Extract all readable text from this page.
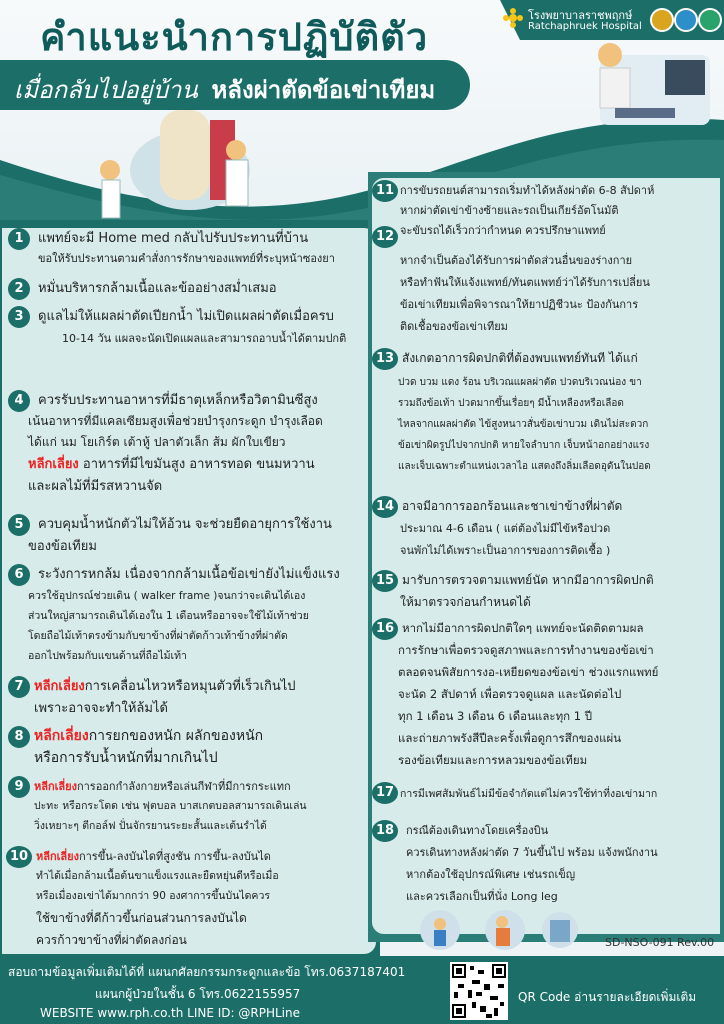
คำแนะนำการปฏิบัติตัว
เมื่อกลับไปอยู่บ้าน หลังผ่าตัดข้อเข่าเทียม
โรงพยาบาลราชพฤกษ์
Ratchaphruek Hospital
1	แพทย์จะมี Home med กลับไปรับประทานที่บ้าน
ขอให้รับประทานตามคำสั่งการรักษาของแพทย์ที่ระบุหน้าซองยา
2	หมั่นบริหารกล้ามเนื้อและข้ออย่างสม่ำเสมอ
3	ดูแลไม่ให้แผลผ่าตัดเปียกน้ำ ไม่เปิดแผลผ่าตัดเมื่อครบ
10-14 วัน แผลจะนัดเปิดแผลและสามารถอาบน้ำได้ตามปกติ
4	ควรรับประทานอาหารที่มีธาตุเหล็กหรือวิตามินซีสูง
เน้นอาหารที่มีแคลเซียมสูงเพื่อช่วยบำรุงกระดูก บำรุงเลือด
ได้แก่ นม โยเกิร์ต เต้าหู้ ปลาตัวเล็ก ส้ม ผักใบเขียว
หลีกเลี่ยง อาหารที่มีไขมันสูง อาหารทอด ขนมหวาน
และผลไม้ที่มีรสหวานจัด
5	ควบคุมน้ำหนักตัวไม่ให้อ้วน จะช่วยยืดอายุการใช้งาน
ของข้อเทียม
6	ระวังการหกล้ม เนื่องจากกล้ามเนื้อข้อเข่ายังไม่แข็งแรง
ควรใช้อุปกรณ์ช่วยเดิน ( walker frame )จนกว่าจะเดินได้เอง
ส่วนใหญ่สามารถเดินได้เองใน 1 เดือนหรืออาจจะใช้ไม้เท้าช่วย
โดยถือไม้เท้าตรงข้ามกับขาข้างที่ผ่าตัดก้าวเท้าข้างที่ผ่าตัด
ออกไปพร้อมกับแขนด้านที่ถือไม้เท้า
7 หลีกเลี่ยงการเคลื่อนไหวหรือหมุนตัวที่เร็วเกินไป
เพราะอาจจะทำให้ล้มได้
8 หลีกเลี่ยงการยกของหนัก ผลักของหนัก
หรือการรับน้ำหนักที่มากเกินไป
9 หลีกเลี่ยงการออกกำลังกายหรือเล่นกีฬาที่มีการกระแทก
ปะทะ หรือกระโดด เช่น ฟุตบอล บาสเกตบอลสามารถเดินเล่น
วิ่งเหยาะๆ ตีกอล์ฟ ปั่นจักรยานระยะสั้นและเต้นรำได้
10 หลีกเลี่ยงการขึ้น-ลงบันไดที่สูงชัน การขึ้น-ลงบันได
ทำได้เมื่อกล้ามเนื้อต้นขาแข็งแรงและยืดหยุ่นดีหรือเมื่อ
หรือเมื่องอเข่าได้มากกว่า 90 องศาการขึ้นบันไดควร
ใช้ขาข้างที่ดีก้าวขึ้นก่อนส่วนการลงบันได
ควรก้าวขาข้างที่ผ่าตัดลงก่อน
11 การขับรถยนต์สามารถเริ่มทำได้หลังผ่าตัด 6-8 สัปดาห์
หากผ่าตัดเข่าข้างซ้ายและรถเป็นเกียร์อัตโนมัติ
จะขับรถได้เร็วกว่ากำหนด ควรปรึกษาแพทย์
12
หากจำเป็นต้องได้รับการผ่าตัดส่วนอื่นของร่างกาย
หรือทำฟันให้แจ้งแพทย์/ทันตแพทย์ว่าได้รับการเปลี่ยน
ข้อเข่าเทียมเพื่อพิจารณาให้ยาปฏิชีวนะ ป้องกันการ
ติดเชื้อของข้อเข่าเทียม
13 สังเกตอาการผิดปกติที่ต้องพบแพทย์ทันที ได้แก่
ปวด บวม แดง ร้อน บริเวณแผลผ่าตัด ปวดบริเวณน่อง ขา
รวมถึงข้อเท้า ปวดมากขึ้นเรื่อยๆ มีน้ำเหลืองหรือเลือด
ไหลจากแผลผ่าตัด ไข้สูงหนาวสั่นข้อเข่าบวม เดินไม่สะดวก
ข้อเข่าผิดรูปไปจากปกติ หายใจลำบาก เจ็บหน้าอกอย่างแรง
และเจ็บเฉพาะตำแหน่งเวลาไอ แสดงถึงลิ่มเลือดอุดันในปอด
14 อาจมีอาการออกร้อนและชาเข่าข้างที่ผ่าตัด
ประมาณ 4-6 เดือน ( แต่ต้องไม่มีไข้หรือปวด
จนพักไม่ได้เพราะเป็นอาการของการติดเชื้อ )
15 มารับการตรวจตามแพทย์นัด หากมีอาการผิดปกติ
ให้มาตรวจก่อนกำหนดได้
16 หากไม่มีอาการผิดปกติใดๆ แพทย์จะนัดติดตามผล
การรักษาเพื่อตรวจดูสภาพและการทำงานของข้อเข่า
ตลอดจนพิสัยการงอ-เหยียดของข้อเข่า ช่วงแรกแพทย์
จะนัด 2 สัปดาห์ เพื่อตรวจดูแผล และนัดต่อไป
ทุก 1 เดือน 3 เดือน 6 เดือนและทุก 1 ปี
และถ่ายภาพรังสีปีละครั้งเพื่อดูการสึกของแผ่น
รองข้อเทียมและการหลวมของข้อเทียม
17 การมีเพศสัมพันธ์ไม่มีข้อจำกัดแต่ไม่ควรใช้ท่าที่งอเข่ามาก
18	กรณีต้องเดินทางโดยเครื่องบิน
ควรเดินทางหลังผ่าตัด 7 วันขึ้นไป พร้อม แจ้งพนักงาน
หากต้องใช้อุปกรณ์พิเศษ เช่นรถเข็ญ
และควรเลือกเป็นที่นั่ง Long leg
SD-NSO-091 Rev.00
สอบถามข้อมูลเพิ่มเติมได้ที่ แผนกศัลยกรรมกระดูกและข้อ โทร.0637187401
แผนกผู้ป่วยในชั้น 6 โทร.0622155957
WEBSITE www.rph.co.th LINE ID: @RPHLine
QR Code อ่านรายละเอียดเพิ่มเติม
